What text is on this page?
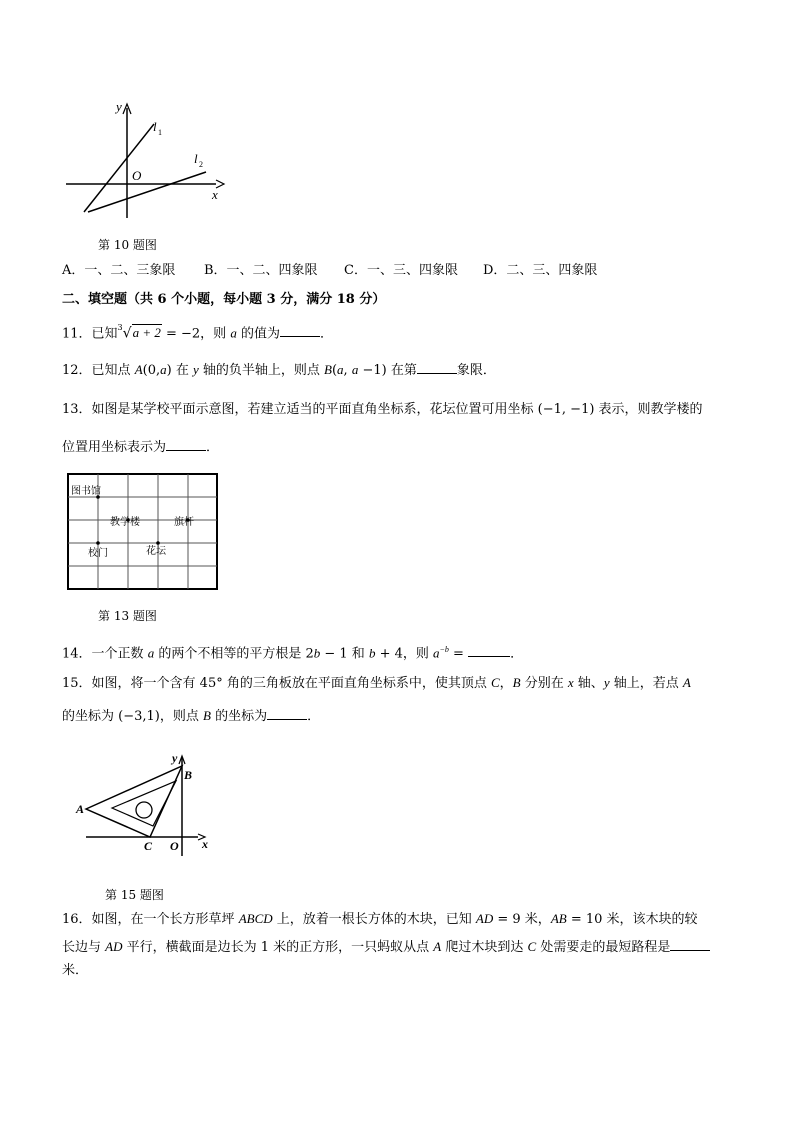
y
x
O
l 1
l 2
第 10 题图
A．一、二、三象限 B．一、二、四象限 C．一、三、四象限 D．二、三、四象限
二、填空题（共 6 个小题，每小题 3 分，满分 18 分）
11．已知$^3$√a + 2 = −2，则 a 的值为	．
12．已知点 A(0,a) 在 y 轴的负半轴上，则点 B(a, a −1) 在第	象限．
13．如图是某学校平面示意图，若建立适当的平面直角坐标系，花坛位置可用坐标 (−1, −1) 表示，则教学楼的
位置用坐标表示为	．
图书馆
教学楼	旗杆
校门	花坛
第 13 题图
14．一个正数 a 的两个不相等的平方根是 2b − 1 和 b + 4，则 $a^{-b}$ =	．
15．如图，将一个含有 45° 角的三角板放在平面直角坐标系中，使其顶点 C，B 分别在 x 轴、y 轴上，若点 A
的坐标为 (−3,1)，则点 B 的坐标为	．
A
B
C O x
y
第 15 题图
16．如图，在一个长方形草坪 ABCD 上，放着一根长方体的木块，已知 AD = 9 米，AB = 10 米，该木块的较
长边与 AD 平行，横截面是边长为 1 米的正方形，一只蚂蚁从点 A 爬过木块到达 C 处需要走的最短路程是
米．
